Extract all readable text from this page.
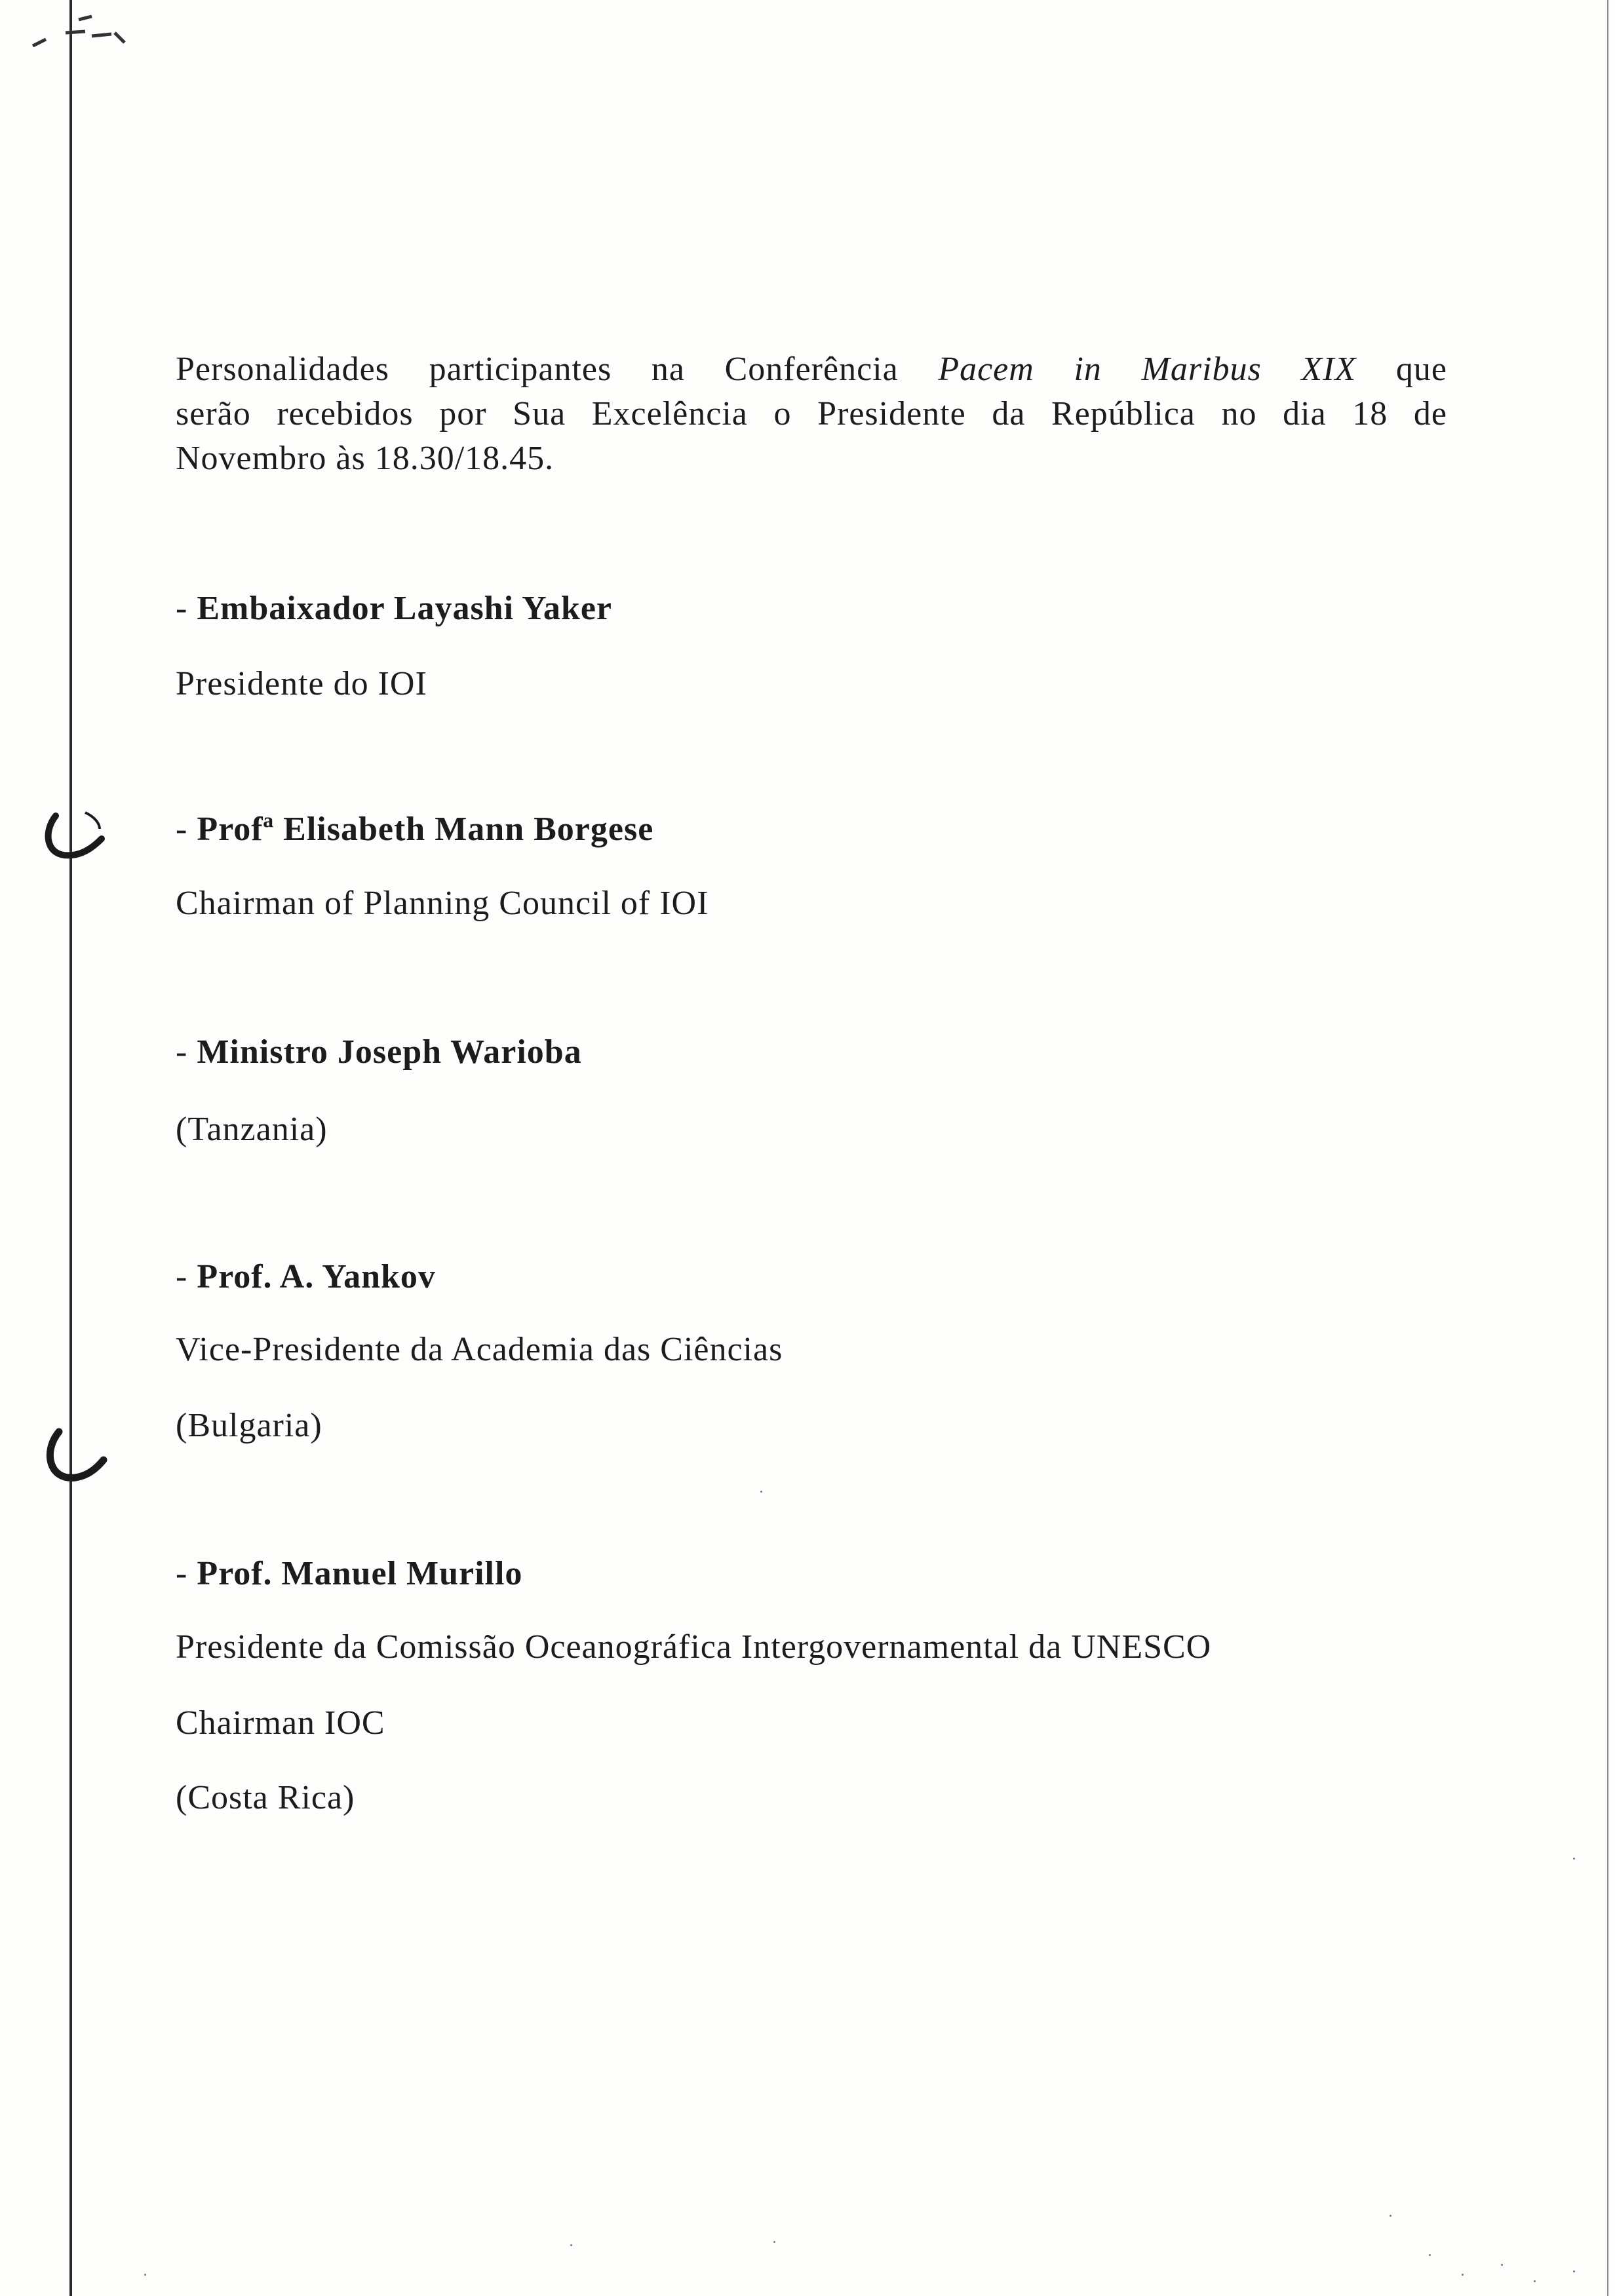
Personalidades participantes na Conferência Pacem in Maribus XIX que
serão recebidos por Sua Excelência o Presidente da República no dia 18 de
Novembro às 18.30/18.45.
- Embaixador Layashi Yaker
Presidente do IOI
- Profª Elisabeth Mann Borgese
Chairman of Planning Council of IOI
- Ministro Joseph Warioba
(Tanzania)
- Prof. A. Yankov
Vice-Presidente da Academia das Ciências
(Bulgaria)
- Prof. Manuel Murillo
Presidente da Comissão Oceanográfica Intergovernamental da UNESCO
Chairman IOC
(Costa Rica)
